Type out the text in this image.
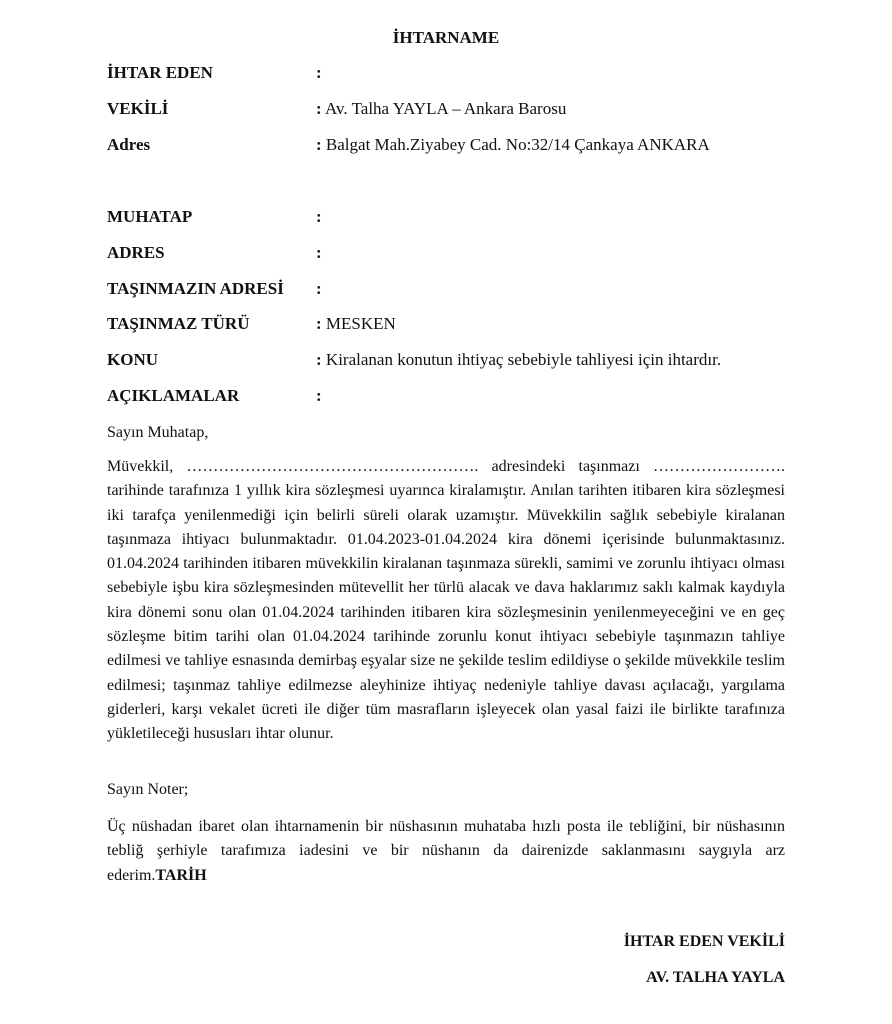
İHTARNAME
İHTAR EDEN	:
VEKİLİ	: Av. Talha YAYLA – Ankara Barosu
Adres	: Balgat Mah.Ziyabey Cad. No:32/14 Çankaya ANKARA
MUHATAP	:
ADRES	:
TAŞINMAZIN ADRESİ :
TAŞINMAZ TÜRÜ	: MESKEN
KONU	: Kiralanan konutun ihtiyaç sebebiyle tahliyesi için ihtardır.
AÇIKLAMALAR	:
Sayın Muhatap,

Müvekkil, ………………………………………………. adresindeki taşınmazı ……………………. tarihinde tarafınıza 1 yıllık kira sözleşmesi uyarınca kiralamıştır. Anılan tarihten itibaren kira sözleşmesi iki tarafça yenilenmediği için belirli süreli olarak uzamıştır. Müvekkilin sağlık sebebiyle kiralanan taşınmaza ihtiyacı bulunmaktadır. 01.04.2023-01.04.2024 kira dönemi içerisinde bulunmaktasınız. 01.04.2024 tarihinden itibaren müvekkilin kiralanan taşınmaza sürekli, samimi ve zorunlu ihtiyacı olması sebebiyle işbu kira sözleşmesinden mütevellit her türlü alacak ve dava haklarımız saklı kalmak kaydıyla kira dönemi sonu olan 01.04.2024 tarihinden itibaren kira sözleşmesinin yenilenmeyeceğini ve en geç sözleşme bitim tarihi olan 01.04.2024 tarihinde zorunlu konut ihtiyacı sebebiyle taşınmazın tahliye edilmesi ve tahliye esnasında demirbaş eşyalar size ne şekilde teslim edildiyse o şekilde müvekkile teslim edilmesi; taşınmaz tahliye edilmezse aleyhinize ihtiyaç nedeniyle tahliye davası açılacağı, yargılama giderleri, karşı vekalet ücreti ile diğer tüm masrafların işleyecek olan yasal faizi ile birlikte tarafınıza yükletileceği hususları ihtar olunur.

Sayın Noter;

Üç nüshadan ibaret olan ihtarnamenin bir nüshasının muhataba hızlı posta ile tebliğini, bir nüshasının tebliğ şerhiyle tarafımıza iadesini ve bir nüshanın da dairenizde saklanmasını saygıyla arz ederim.TARİH

İHTAR EDEN VEKİLİ
AV. TALHA YAYLA
